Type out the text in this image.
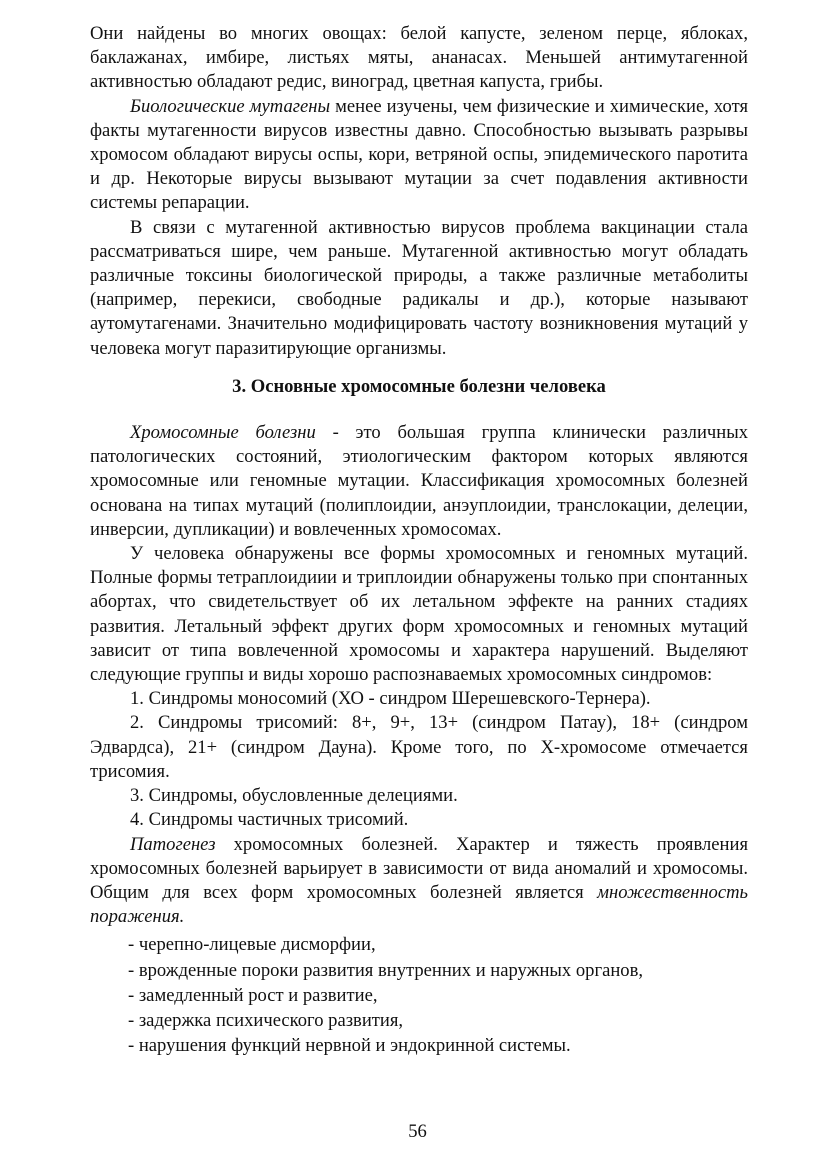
Они найдены во многих овощах: белой капусте, зеленом перце, яблоках, баклажанах, имбире, листьях мяты, ананасах. Меньшей антимутагенной активностью обладают редис, виноград, цветная капуста, грибы.

Биологические мутагены менее изучены, чем физические и химические, хотя факты мутагенности вирусов известны давно. Способностью вызывать разрывы хромосом обладают вирусы оспы, кори, ветряной оспы, эпидемического паротита и др. Некоторые вирусы вызывают мутации за счет подавления активности системы репарации.

В связи с мутагенной активностью вирусов проблема вакцинации стала рассматриваться шире, чем раньше. Мутагенной активностью могут обладать различные токсины биологической природы, а также различные метаболиты (например, перекиси, свободные радикалы и др.), которые называют аутомутагенами. Значительно модифицировать частоту возникновения мутаций у человека могут паразитирующие организмы.

3. Основные хромосомные болезни человека

Хромосомные болезни - это большая группа клинически различных патологических состояний, этиологическим фактором которых являются хромосомные или геномные мутации. Классификация хромосомных болезней основана на типах мутаций (полиплоидии, анэуплоидии, транслокации, делеции, инверсии, дупликации) и вовлеченных хромосомах.

У человека обнаружены все формы хромосомных и геномных мутаций. Полные формы тетраплоидиии и триплоидии обнаружены только при спонтанных абортах, что свидетельствует об их летальном эффекте на ранних стадиях развития. Летальный эффект других форм хромосомных и геномных мутаций зависит от типа вовлеченной хромосомы и характера нарушений. Выделяют следующие группы и виды хорошо распознаваемых хромосомных синдромов:

1. Синдромы моносомий (ХО - синдром Шерешевского-Тернера).

2. Синдромы трисомий: 8+, 9+, 13+ (синдром Патау), 18+ (синдром Эдвардса), 21+ (синдром Дауна). Кроме того, по X-хромосоме отмечается трисомия.

3. Синдромы, обусловленные делециями.

4. Синдромы частичных трисомий.

Патогенез хромосомных болезней. Характер и тяжесть проявления хромосомных болезней варьирует в зависимости от вида аномалий и хромосомы. Общим для всех форм хромосомных болезней является множественность поражения.

- черепно-лицевые дисморфии,

- врожденные пороки развития внутренних и наружных органов,

- замедленный рост и развитие,

- задержка психического развития,

- нарушения функций нервной и эндокринной системы.

56
